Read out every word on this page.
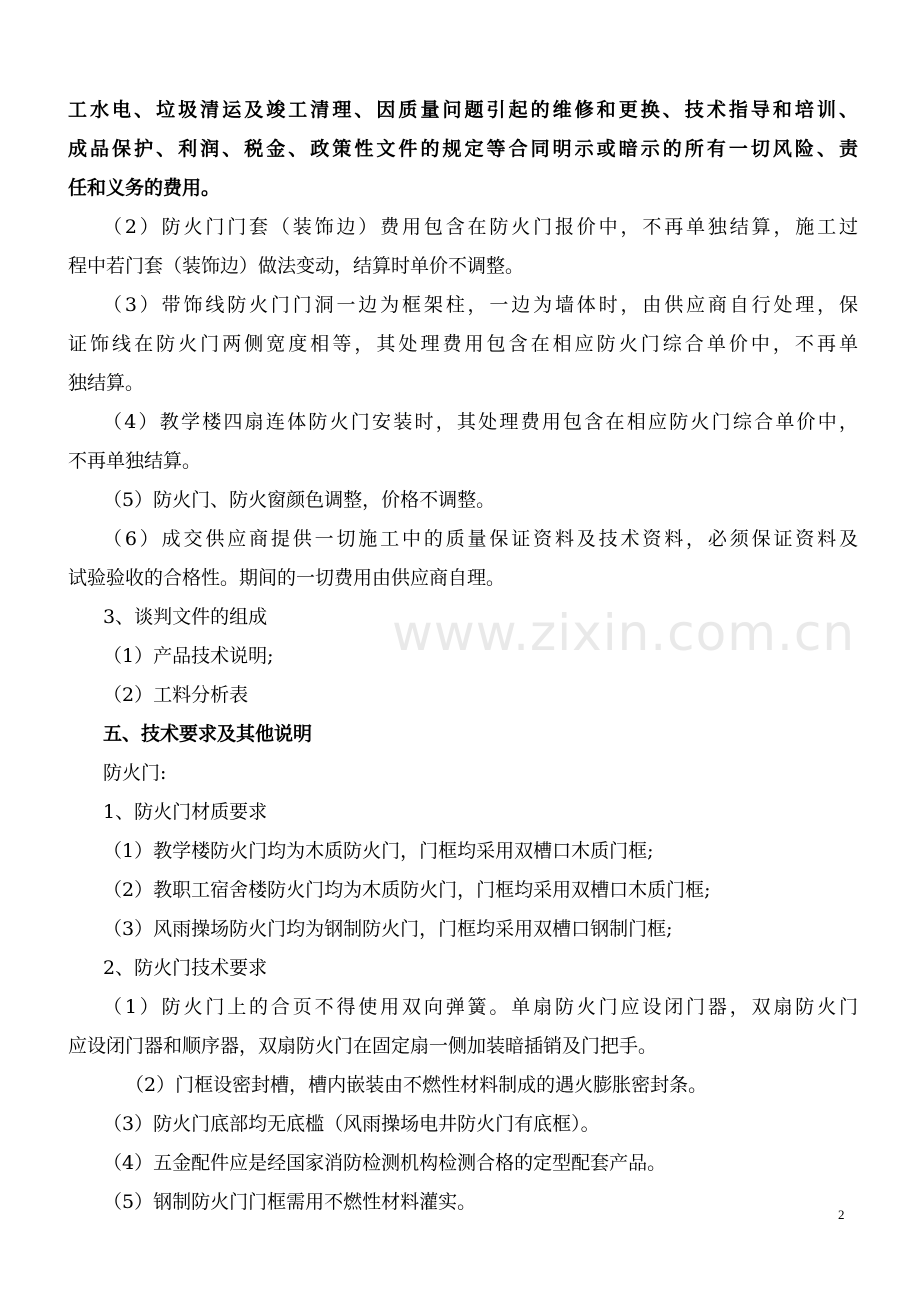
www.zixin.com.cn
工水电、垃圾清运及竣工清理、因质量问题引起的维修和更换、技术指导和培训、
成品保护、利润、税金、政策性文件的规定等合同明示或暗示的所有一切风险、责
任和义务的费用。
（2）防火门门套（装饰边）费用包含在防火门报价中，不再单独结算，施工过
程中若门套（装饰边）做法变动，结算时单价不调整。
（3）带饰线防火门门洞一边为框架柱，一边为墙体时，由供应商自行处理，保
证饰线在防火门两侧宽度相等，其处理费用包含在相应防火门综合单价中，不再单
独结算。
（4）教学楼四扇连体防火门安装时，其处理费用包含在相应防火门综合单价中，
不再单独结算。
（5）防火门、防火窗颜色调整，价格不调整。
（6）成交供应商提供一切施工中的质量保证资料及技术资料，必须保证资料及
试验验收的合格性。期间的一切费用由供应商自理。
3、谈判文件的组成
（1）产品技术说明;
（2）工料分析表
五、技术要求及其他说明
防火门:
1、防火门材质要求
（1）教学楼防火门均为木质防火门，门框均采用双槽口木质门框;
（2）教职工宿舍楼防火门均为木质防火门，门框均采用双槽口木质门框;
（3）风雨操场防火门均为钢制防火门，门框均采用双槽口钢制门框;
2、防火门技术要求
（1）防火门上的合页不得使用双向弹簧。单扇防火门应设闭门器，双扇防火门
应设闭门器和顺序器，双扇防火门在固定扇一侧加装暗插销及门把手。
（2）门框设密封槽，槽内嵌装由不燃性材料制成的遇火膨胀密封条。
（3）防火门底部均无底槛（风雨操场电井防火门有底框）。
（4）五金配件应是经国家消防检测机构检测合格的定型配套产品。
（5）钢制防火门门框需用不燃性材料灌实。
2
